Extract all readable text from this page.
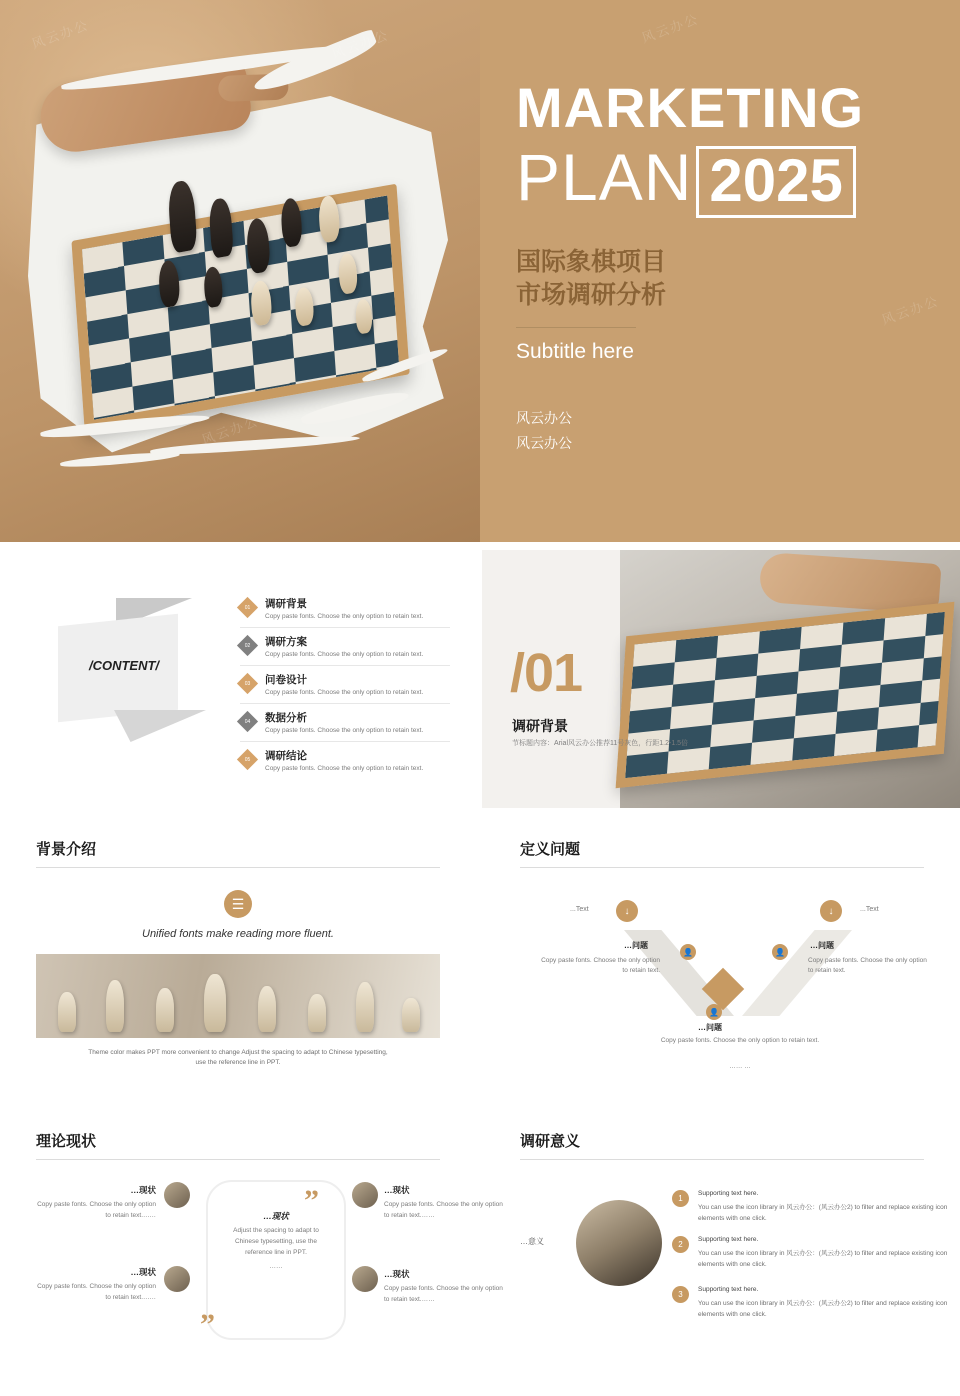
风云办公
风云办公
MARKETING
PLAN 2025
国际象棋项目
市场调研分析
Subtitle here
风云办公
风云办公
/CONTENT/
01	调研背景
Copy paste fonts. Choose the only option to retain text.
02	调研方案
Copy paste fonts. Choose the only option to retain text.
03	问卷设计
Copy paste fonts. Choose the only option to retain text.
04	数据分析
Copy paste fonts. Choose the only option to retain text.
05	调研结论
Copy paste fonts. Choose the only option to retain text.
/01
调研背景
节标题内容：Arial风云办公推荐11号灰色，行距1.2-1.5倍
背景介绍
☰
Unified fonts make reading more fluent.
Theme color makes PPT more convenient to change Adjust the spacing to adapt to Chinese typesetting,
use the reference line in PPT.
定义问题
↓	↓
...Text	...Text
👤	👤
👤
…问题
Copy paste fonts. Choose the only option to retain text.
…问题
Copy paste fonts. Choose the only option to retain text.
…问题
Copy paste fonts. Choose the only option to retain text.
…… …
理论现状
…现状
Copy paste fonts. Choose the only option to retain text.……
…现状
Copy paste fonts. Choose the only option to retain text.……
”
”
…现状
Adjust the spacing to adapt to Chinese typesetting, use the reference line in PPT.
……
…现状
Copy paste fonts. Choose the only option to retain text.……
…现状
Copy paste fonts. Choose the only option to retain text.……
调研意义
…意义
1
Supporting text here.
You can use the icon library in 风云办公：(风云办公2) to filter and replace existing icon elements with one click.
2
Supporting text here.
You can use the icon library in 风云办公：(风云办公2) to filter and replace existing icon elements with one click.
3
Supporting text here.
You can use the icon library in 风云办公：(风云办公2) to filter and replace existing icon elements with one click.
